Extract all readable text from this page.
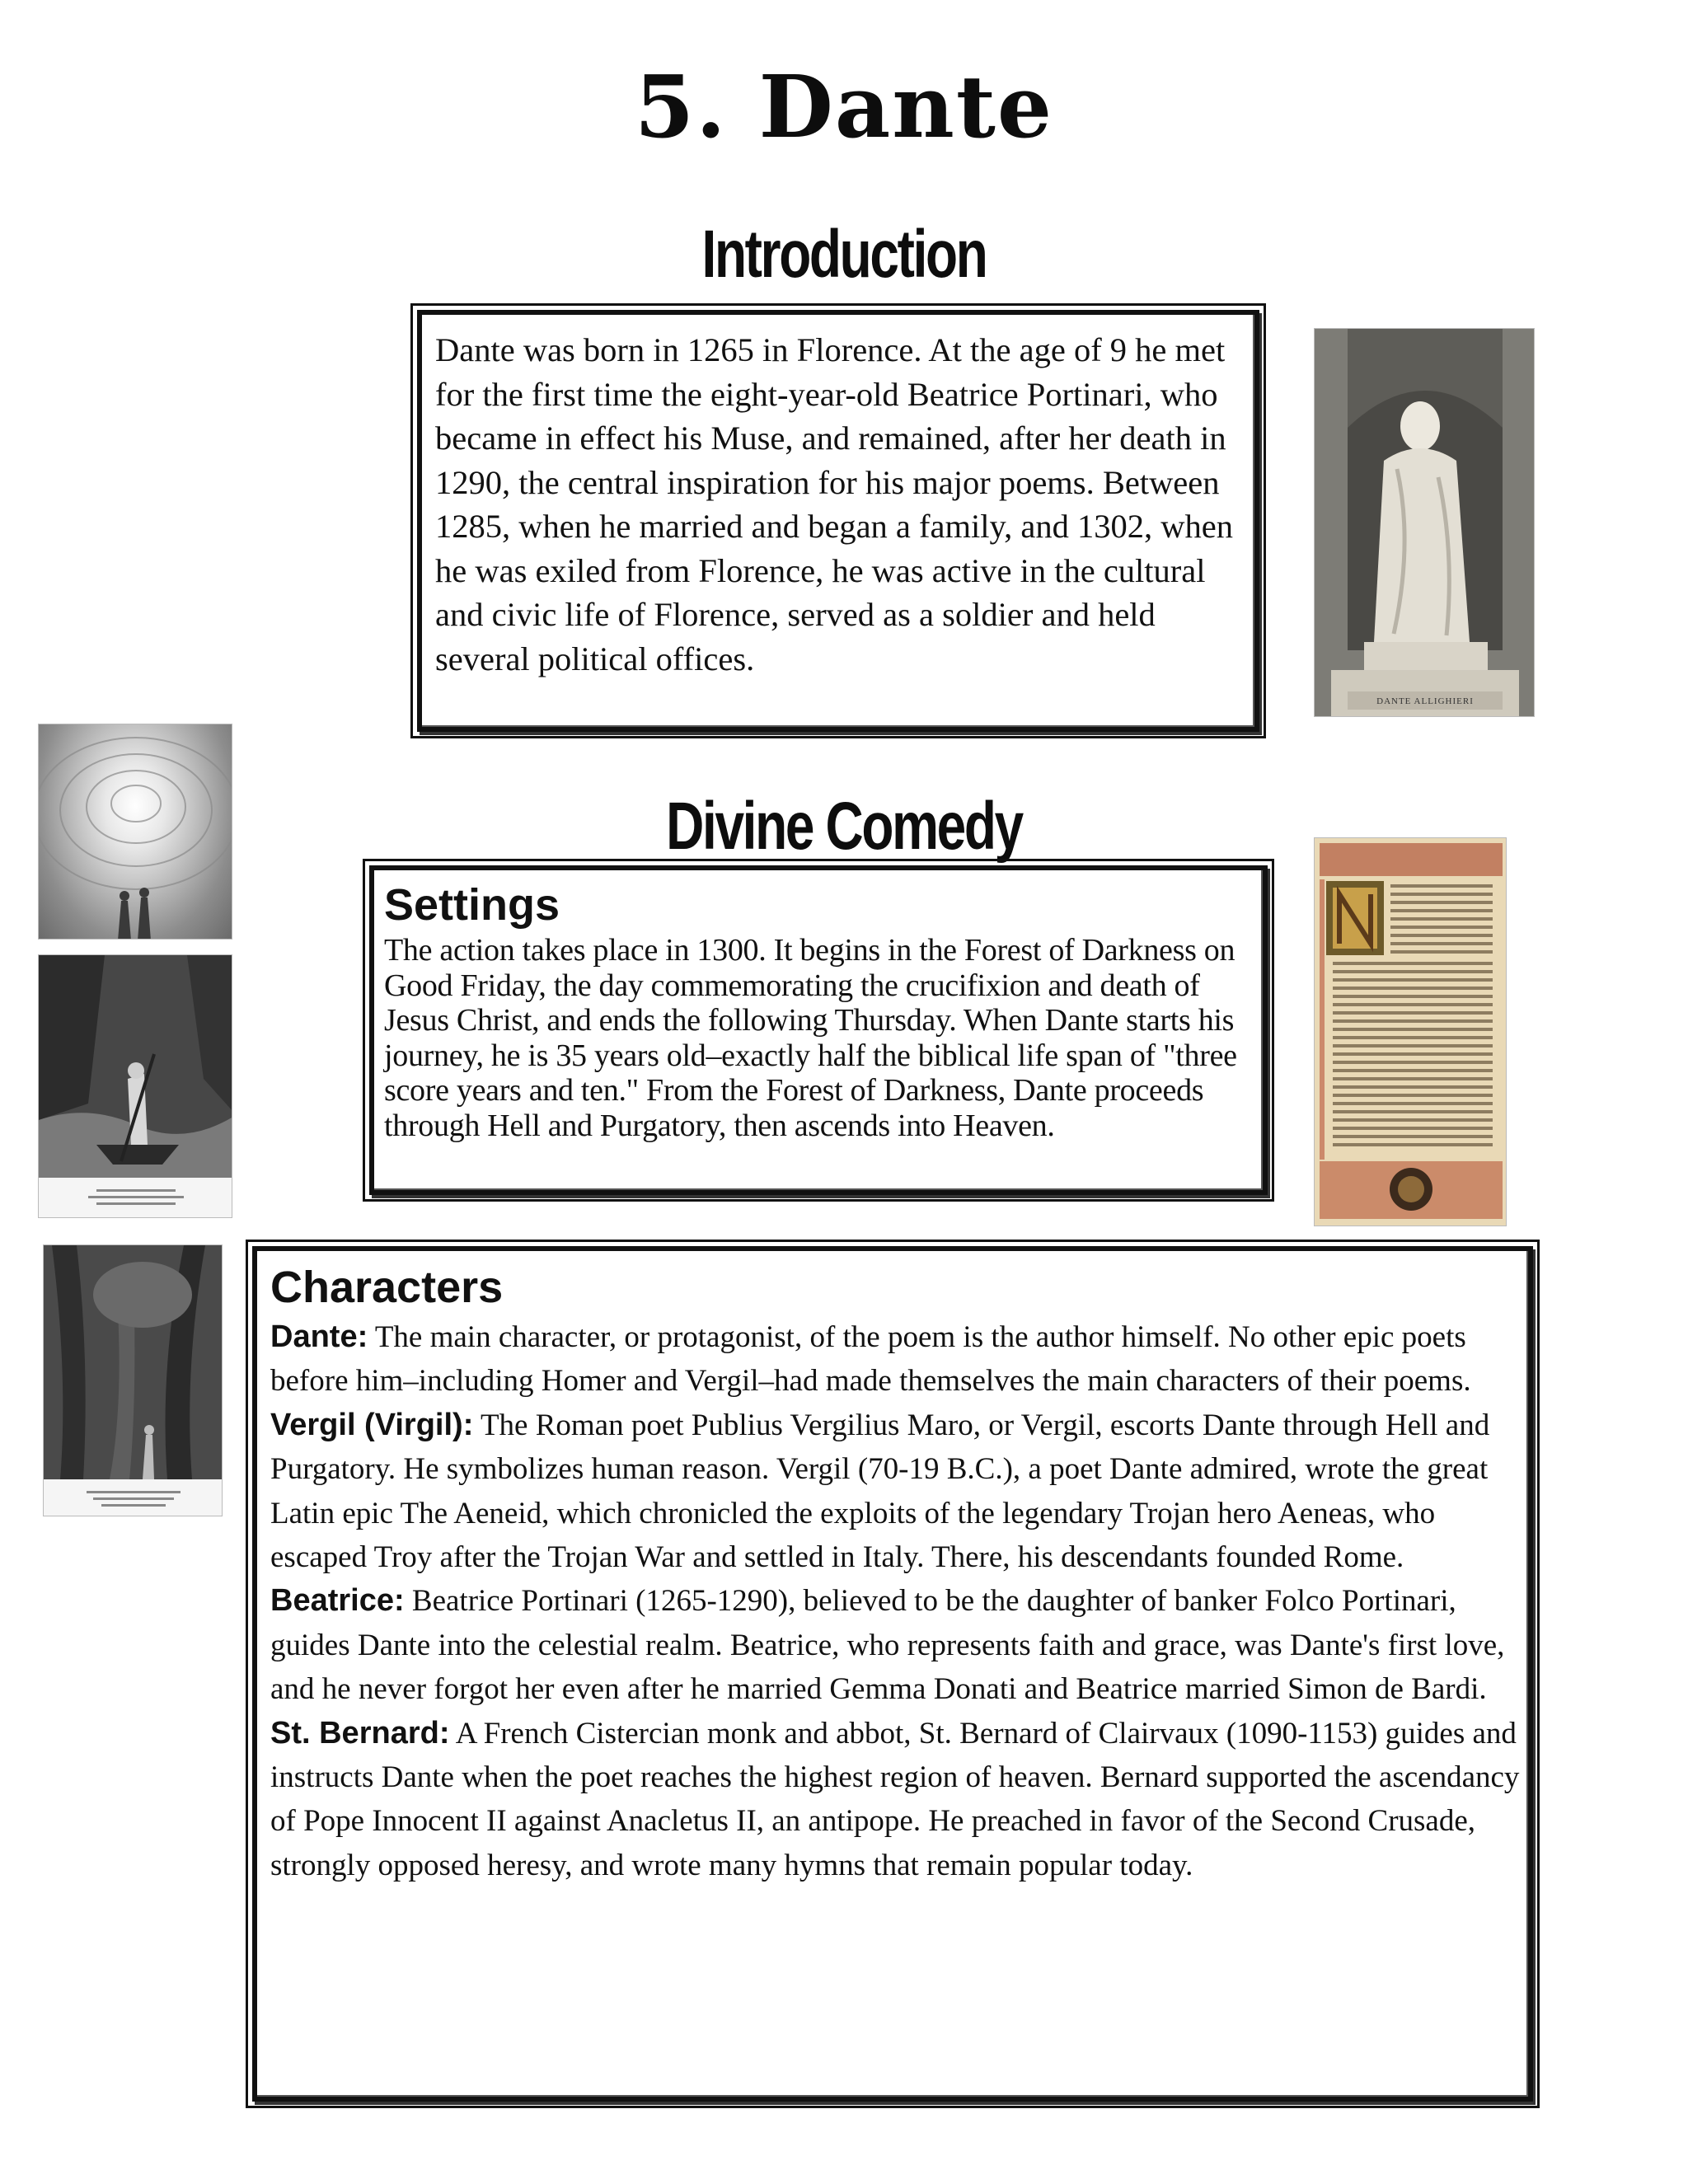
5. Dante
Introduction
Divine Comedy

Dante was born in 1265 in Florence. At the age of 9 he met for the first time the eight-year-old Beatrice Portinari, who became in effect his Muse, and remained, after her death in 1290, the central inspiration for his major poems. Between 1285, when he married and began a family, and 1302, when he was exiled from Florence, he was active in the cultural and civic life of Florence, served as a soldier and held several political offices.

DANTE ALLIGHIERI
Settings

The action takes place in 1300. It begins in the Forest of Darkness on Good Friday, the day commemorating the crucifixion and death of Jesus Christ, and ends the following Thursday. When Dante starts his journey, he is 35 years old–exactly half the biblical life span of "three score years and ten." From the Forest of Darkness, Dante proceeds through Hell and Purgatory, then ascends into Heaven.

Characters
Dante: The main character, or protagonist, of the poem is the author himself. No other epic poets before him–including Homer and Vergil–had made themselves the main characters of their poems.
Vergil (Virgil): The Roman poet Publius Vergilius Maro, or Vergil, escorts Dante through Hell and Purgatory. He symbolizes human reason. Vergil (70-19 B.C.), a poet Dante admired, wrote the great Latin epic The Aeneid, which chronicled the exploits of the legendary Trojan hero Aeneas, who escaped Troy after the Trojan War and settled in Italy. There, his descendants founded Rome.
Beatrice: Beatrice Portinari (1265-1290), believed to be the daughter of banker Folco Portinari, guides Dante into the celestial realm. Beatrice, who represents faith and grace, was Dante's first love, and he never forgot her even after he married Gemma Donati and Beatrice married Simon de Bardi.
St. Bernard: A French Cistercian monk and abbot, St. Bernard of Clairvaux (1090-1153) guides and instructs Dante when the poet reaches the highest region of heaven. Bernard supported the ascendancy of Pope Innocent II against Anacletus II, an antipope. He preached in favor of the Second Crusade, strongly opposed heresy, and wrote many hymns that remain popular today.
